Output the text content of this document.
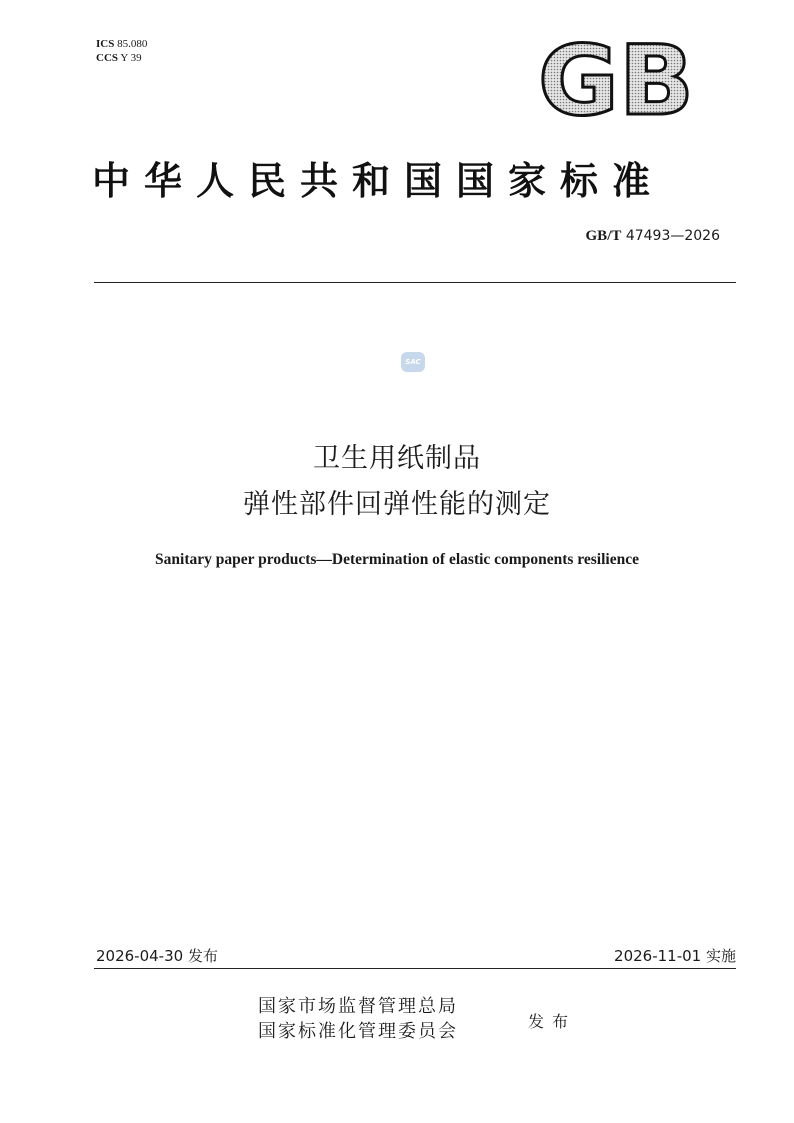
ICS 85.080
CCS Y 39	GB
中华人民共和国国家标准
GB/T 47493—2026
SAC
卫生用纸制品
弹性部件回弹性能的测定
Sanitary paper products—Determination of elastic components resilience
2026-04-30 发布	2026-11-01 实施
国家市场监督管理总局
国家标准化管理委员会	发布
